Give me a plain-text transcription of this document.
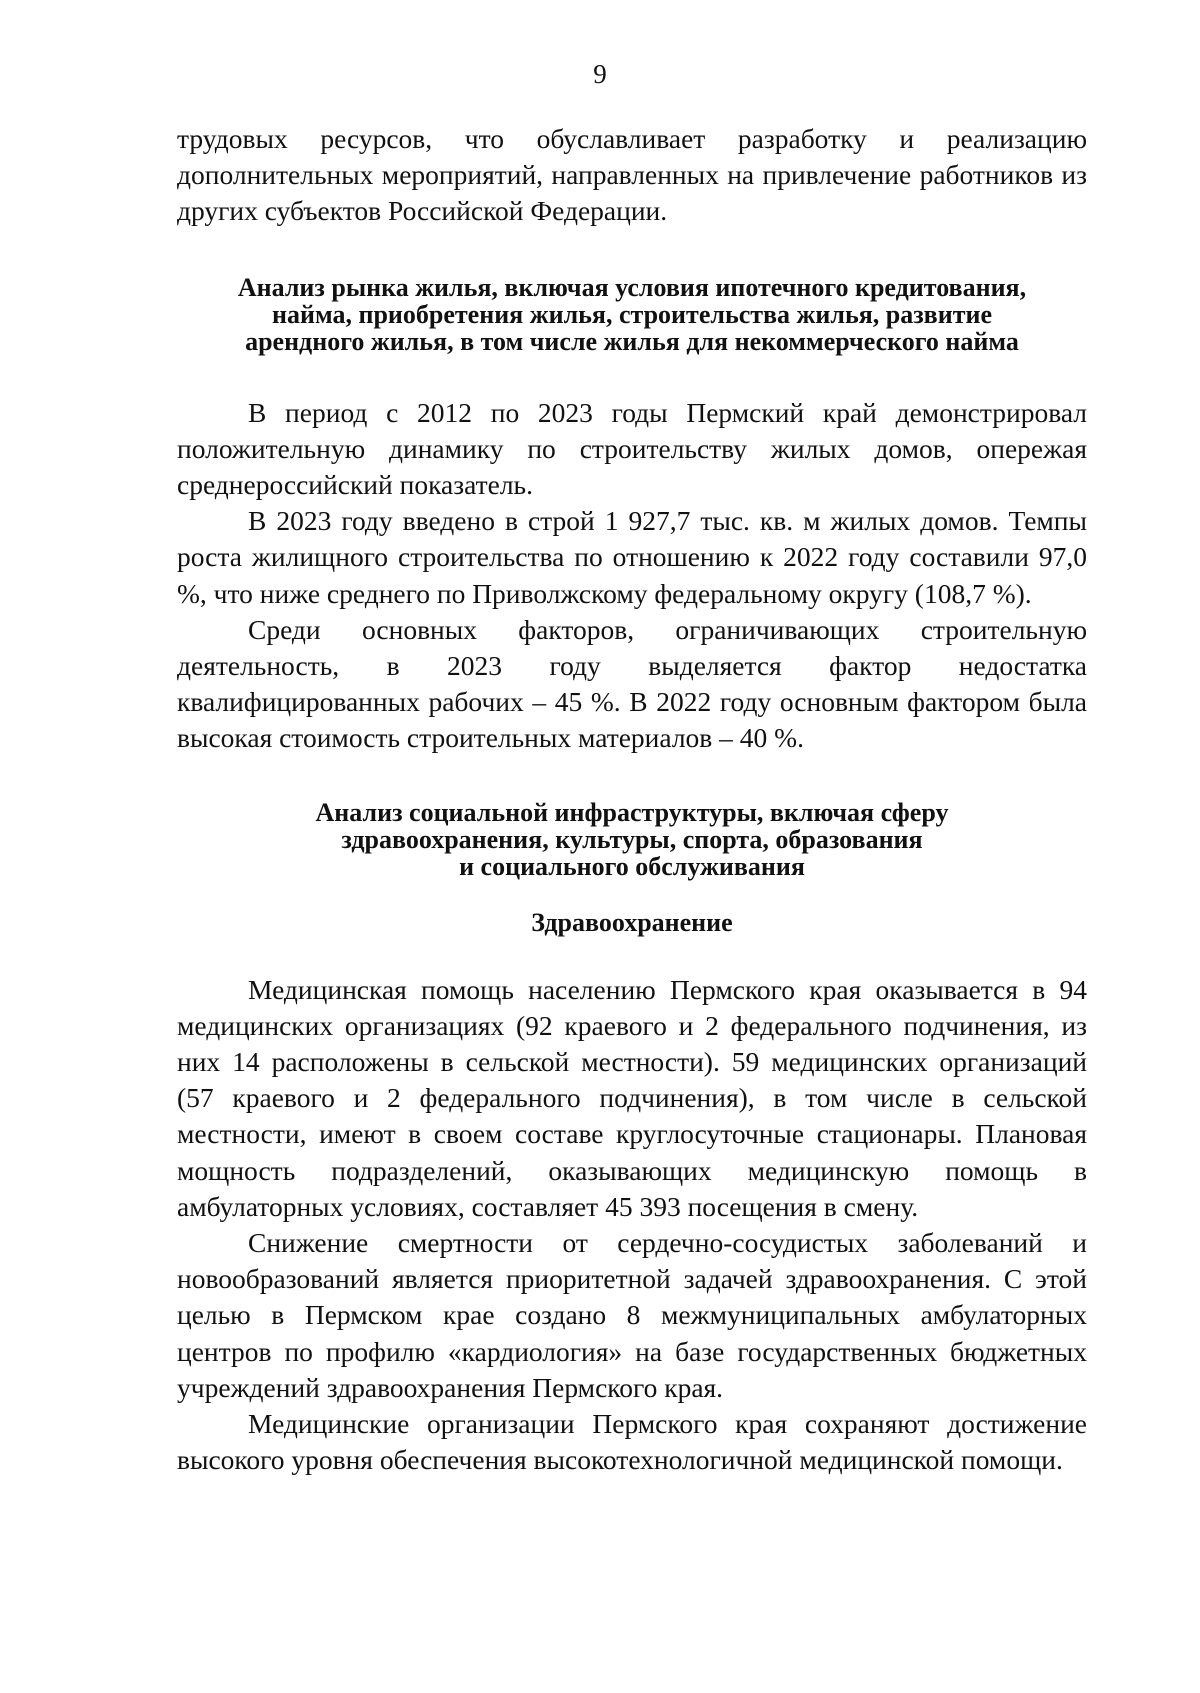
9

трудовых ресурсов, что обуславливает разработку и реализацию дополнительных мероприятий, направленных на привлечение работников из других субъектов Российской Федерации.

Анализ рынка жилья, включая условия ипотечного кредитования,
найма, приобретения жилья, строительства жилья, развитие
арендного жилья, в том числе жилья для некоммерческого найма

В период с 2012 по 2023 годы Пермский край демонстрировал положительную динамику по строительству жилых домов, опережая среднероссийский показатель.

В 2023 году введено в строй 1 927,7 тыс. кв. м жилых домов. Темпы роста жилищного строительства по отношению к 2022 году составили 97,0 %, что ниже среднего по Приволжскому федеральному округу (108,7 %).

Среди основных факторов, ограничивающих строительную деятельность, в 2023 году выделяется фактор недостатка квалифицированных рабочих – 45 %. В 2022 году основным фактором была высокая стоимость строительных материалов – 40 %.

Анализ социальной инфраструктуры, включая сферу
здравоохранения, культуры, спорта, образования
и социального обслуживания
Здравоохранение

Медицинская помощь населению Пермского края оказывается в 94 медицинских организациях (92 краевого и 2 федерального подчинения, из них 14 расположены в сельской местности). 59 медицинских организаций (57 краевого и 2 федерального подчинения), в том числе в сельской местности, имеют в своем составе круглосуточные стационары. Плановая мощность подразделений, оказывающих медицинскую помощь в амбулаторных условиях, составляет 45 393 посещения в смену.

Снижение смертности от сердечно-сосудистых заболеваний и новообразований является приоритетной задачей здравоохранения. С этой целью в Пермском крае создано 8 межмуниципальных амбулаторных центров по профилю «кардиология» на базе государственных бюджетных учреждений здравоохранения Пермского края.

Медицинские организации Пермского края сохраняют достижение высокого уровня обеспечения высокотехнологичной медицинской помощи.
